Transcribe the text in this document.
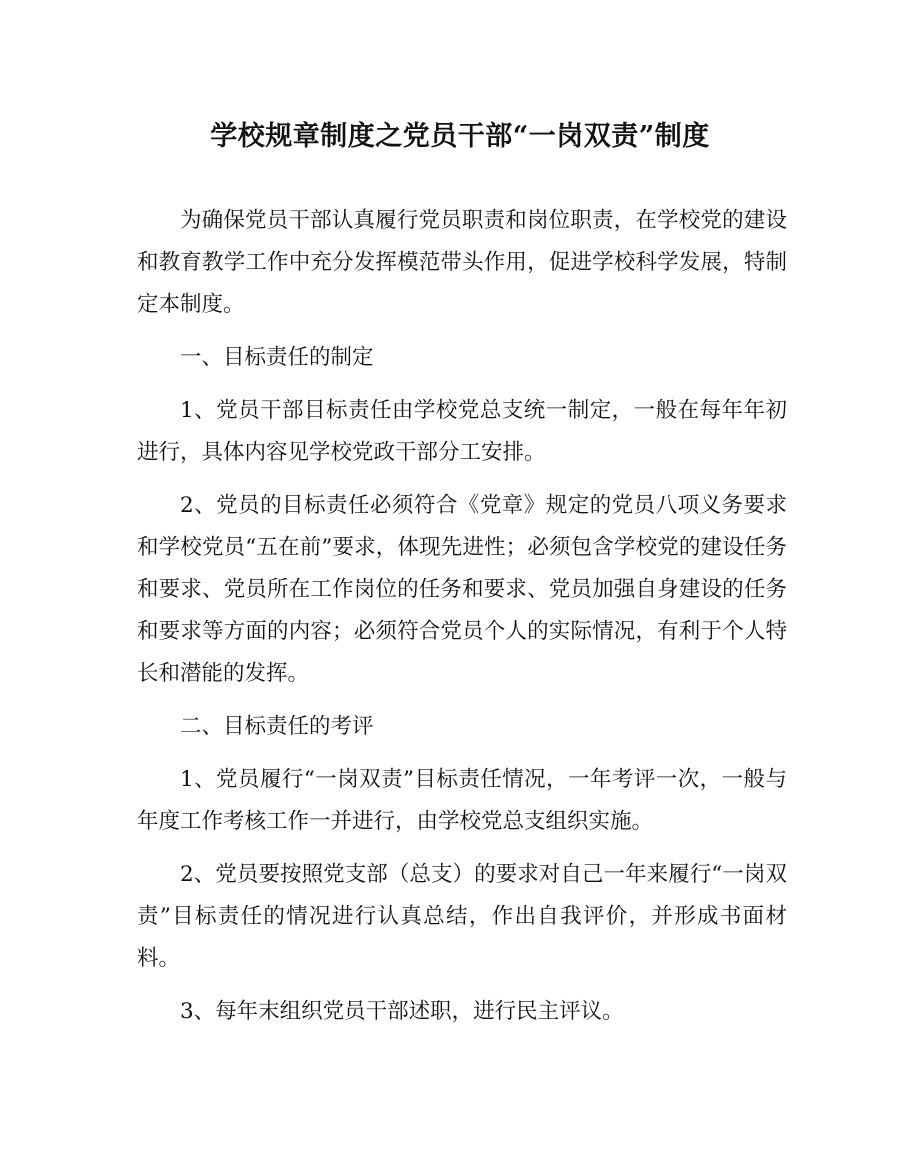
学校规章制度之党员干部“一岗双责”制度

为确保党员干部认真履行党员职责和岗位职责，在学校党的建设和教育教学工作中充分发挥模范带头作用，促进学校科学发展，特制定本制度。

一、目标责任的制定

1、党员干部目标责任由学校党总支统一制定，一般在每年年初进行，具体内容见学校党政干部分工安排。

2、党员的目标责任必须符合《党章》规定的党员八项义务要求和学校党员“五在前”要求，体现先进性；必须包含学校党的建设任务和要求、党员所在工作岗位的任务和要求、党员加强自身建设的任务和要求等方面的内容；必须符合党员个人的实际情况，有利于个人特长和潜能的发挥。

二、目标责任的考评

1、党员履行“一岗双责”目标责任情况，一年考评一次，一般与年度工作考核工作一并进行，由学校党总支组织实施。

2、党员要按照党支部（总支）的要求对自己一年来履行“一岗双责”目标责任的情况进行认真总结，作出自我评价，并形成书面材料。

3、每年末组织党员干部述职，进行民主评议。
